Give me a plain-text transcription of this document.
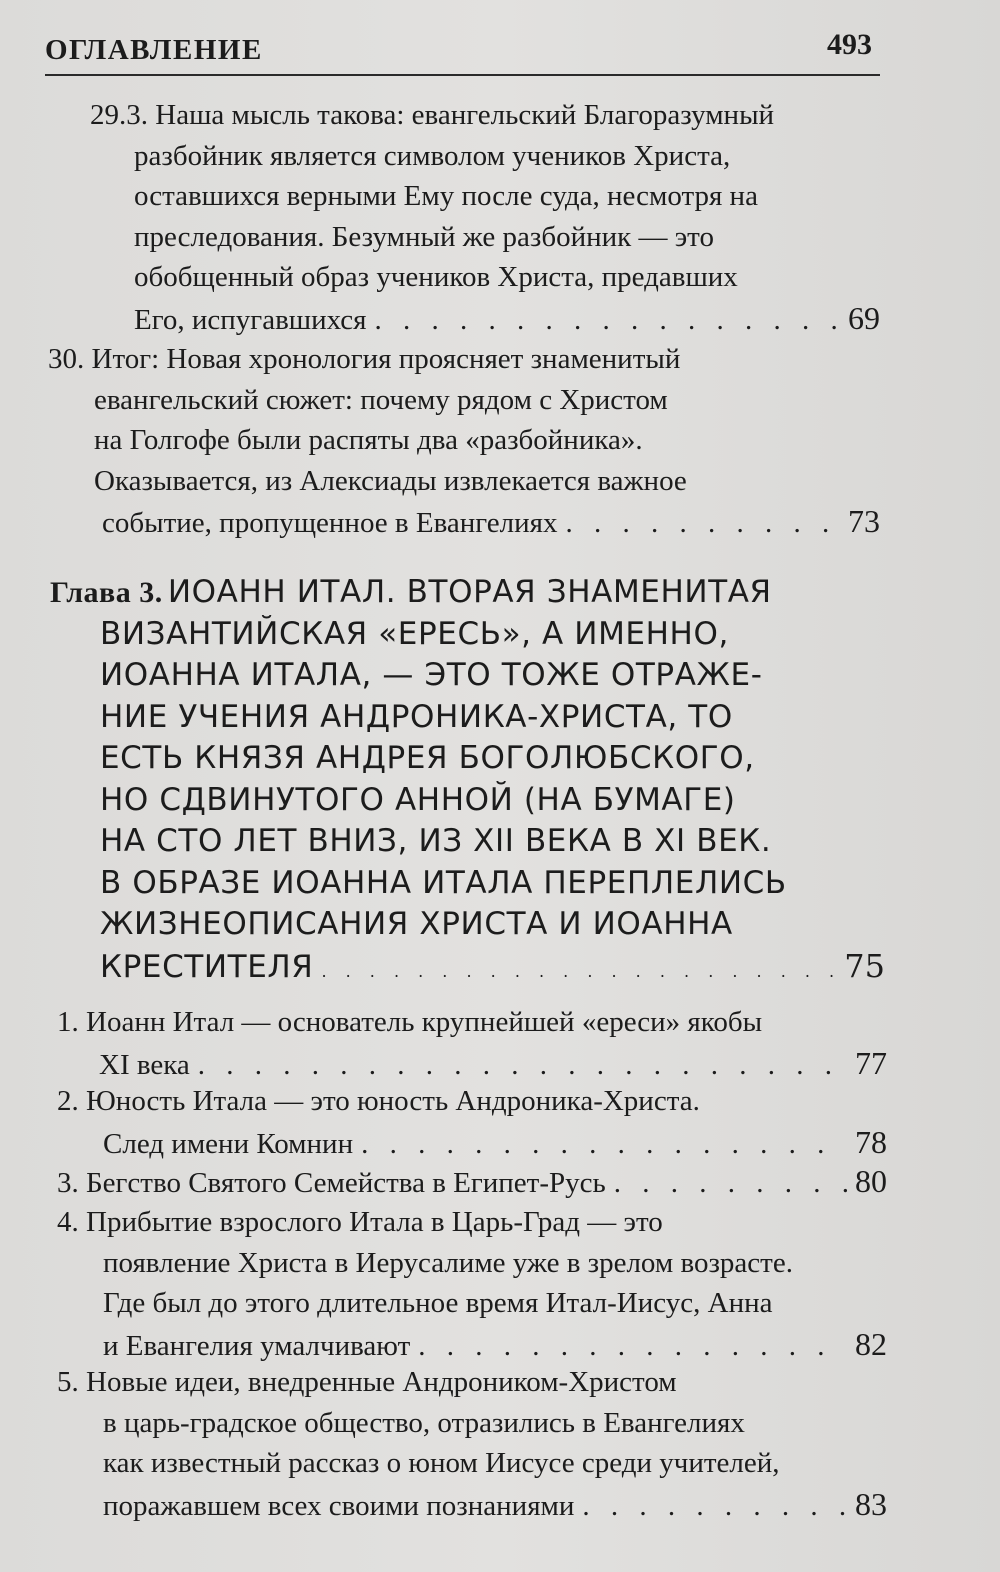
ОГЛАВЛЕНИЕ	493
29.3. Наша мысль такова: евангельский Благоразумный
разбойник является символом учеников Христа,
оставшихся верными Ему после суда, несмотря на
преследования. Безумный же разбойник — это
обобщенный образ учеников Христа, предавших
Его, испугавшихся . . .	69
30. Итог: Новая хронология проясняет знаменитый
евангельский сюжет: почему рядом с Христом
на Голгофе были распяты два «разбойника».
Оказывается, из Алексиады извлекается важное
событие, пропущенное в Евангелиях . . .	73
Глава 3. ИОАНН ИТАЛ. ВТОРАЯ ЗНАМЕНИТАЯ
ВИЗАНТИЙСКАЯ «ЕРЕСЬ», А ИМЕННО,
ИОАННА ИТАЛА, — ЭТО ТОЖЕ ОТРАЖЕ-
НИЕ УЧЕНИЯ АНДРОНИКА-ХРИСТА, ТО
ЕСТЬ КНЯЗЯ АНДРЕЯ БОГОЛЮБСКОГО,
НО СДВИНУТОГО АННОЙ (НА БУМАГЕ)
НА СТО ЛЕТ ВНИЗ, ИЗ XII ВЕКА В XI ВЕК.
В ОБРАЗЕ ИОАННА ИТАЛА ПЕРЕПЛЕЛИСЬ
ЖИЗНЕОПИСАНИЯ ХРИСТА И ИОАННА
КРЕСТИТЕЛЯ . . .	75
1. Иоанн Итал — основатель крупнейшей «ереси» якобы
XI века . . .	77
2. Юность Итала — это юность Андроника-Христа.
След имени Комнин . . .	78
3. Бегство Святого Семейства в Египет-Русь . . .	80
4. Прибытие взрослого Итала в Царь-Град — это
появление Христа в Иерусалиме уже в зрелом возрасте.
Где был до этого длительное время Итал-Иисус, Анна
и Евангелия умалчивают . . .	82
5. Новые идеи, внедренные Андроником-Христом
в царь-градское общество, отразились в Евангелиях
как известный рассказ о юном Иисусе среди учителей,
поражавшем всех своими познаниями . . .	83
